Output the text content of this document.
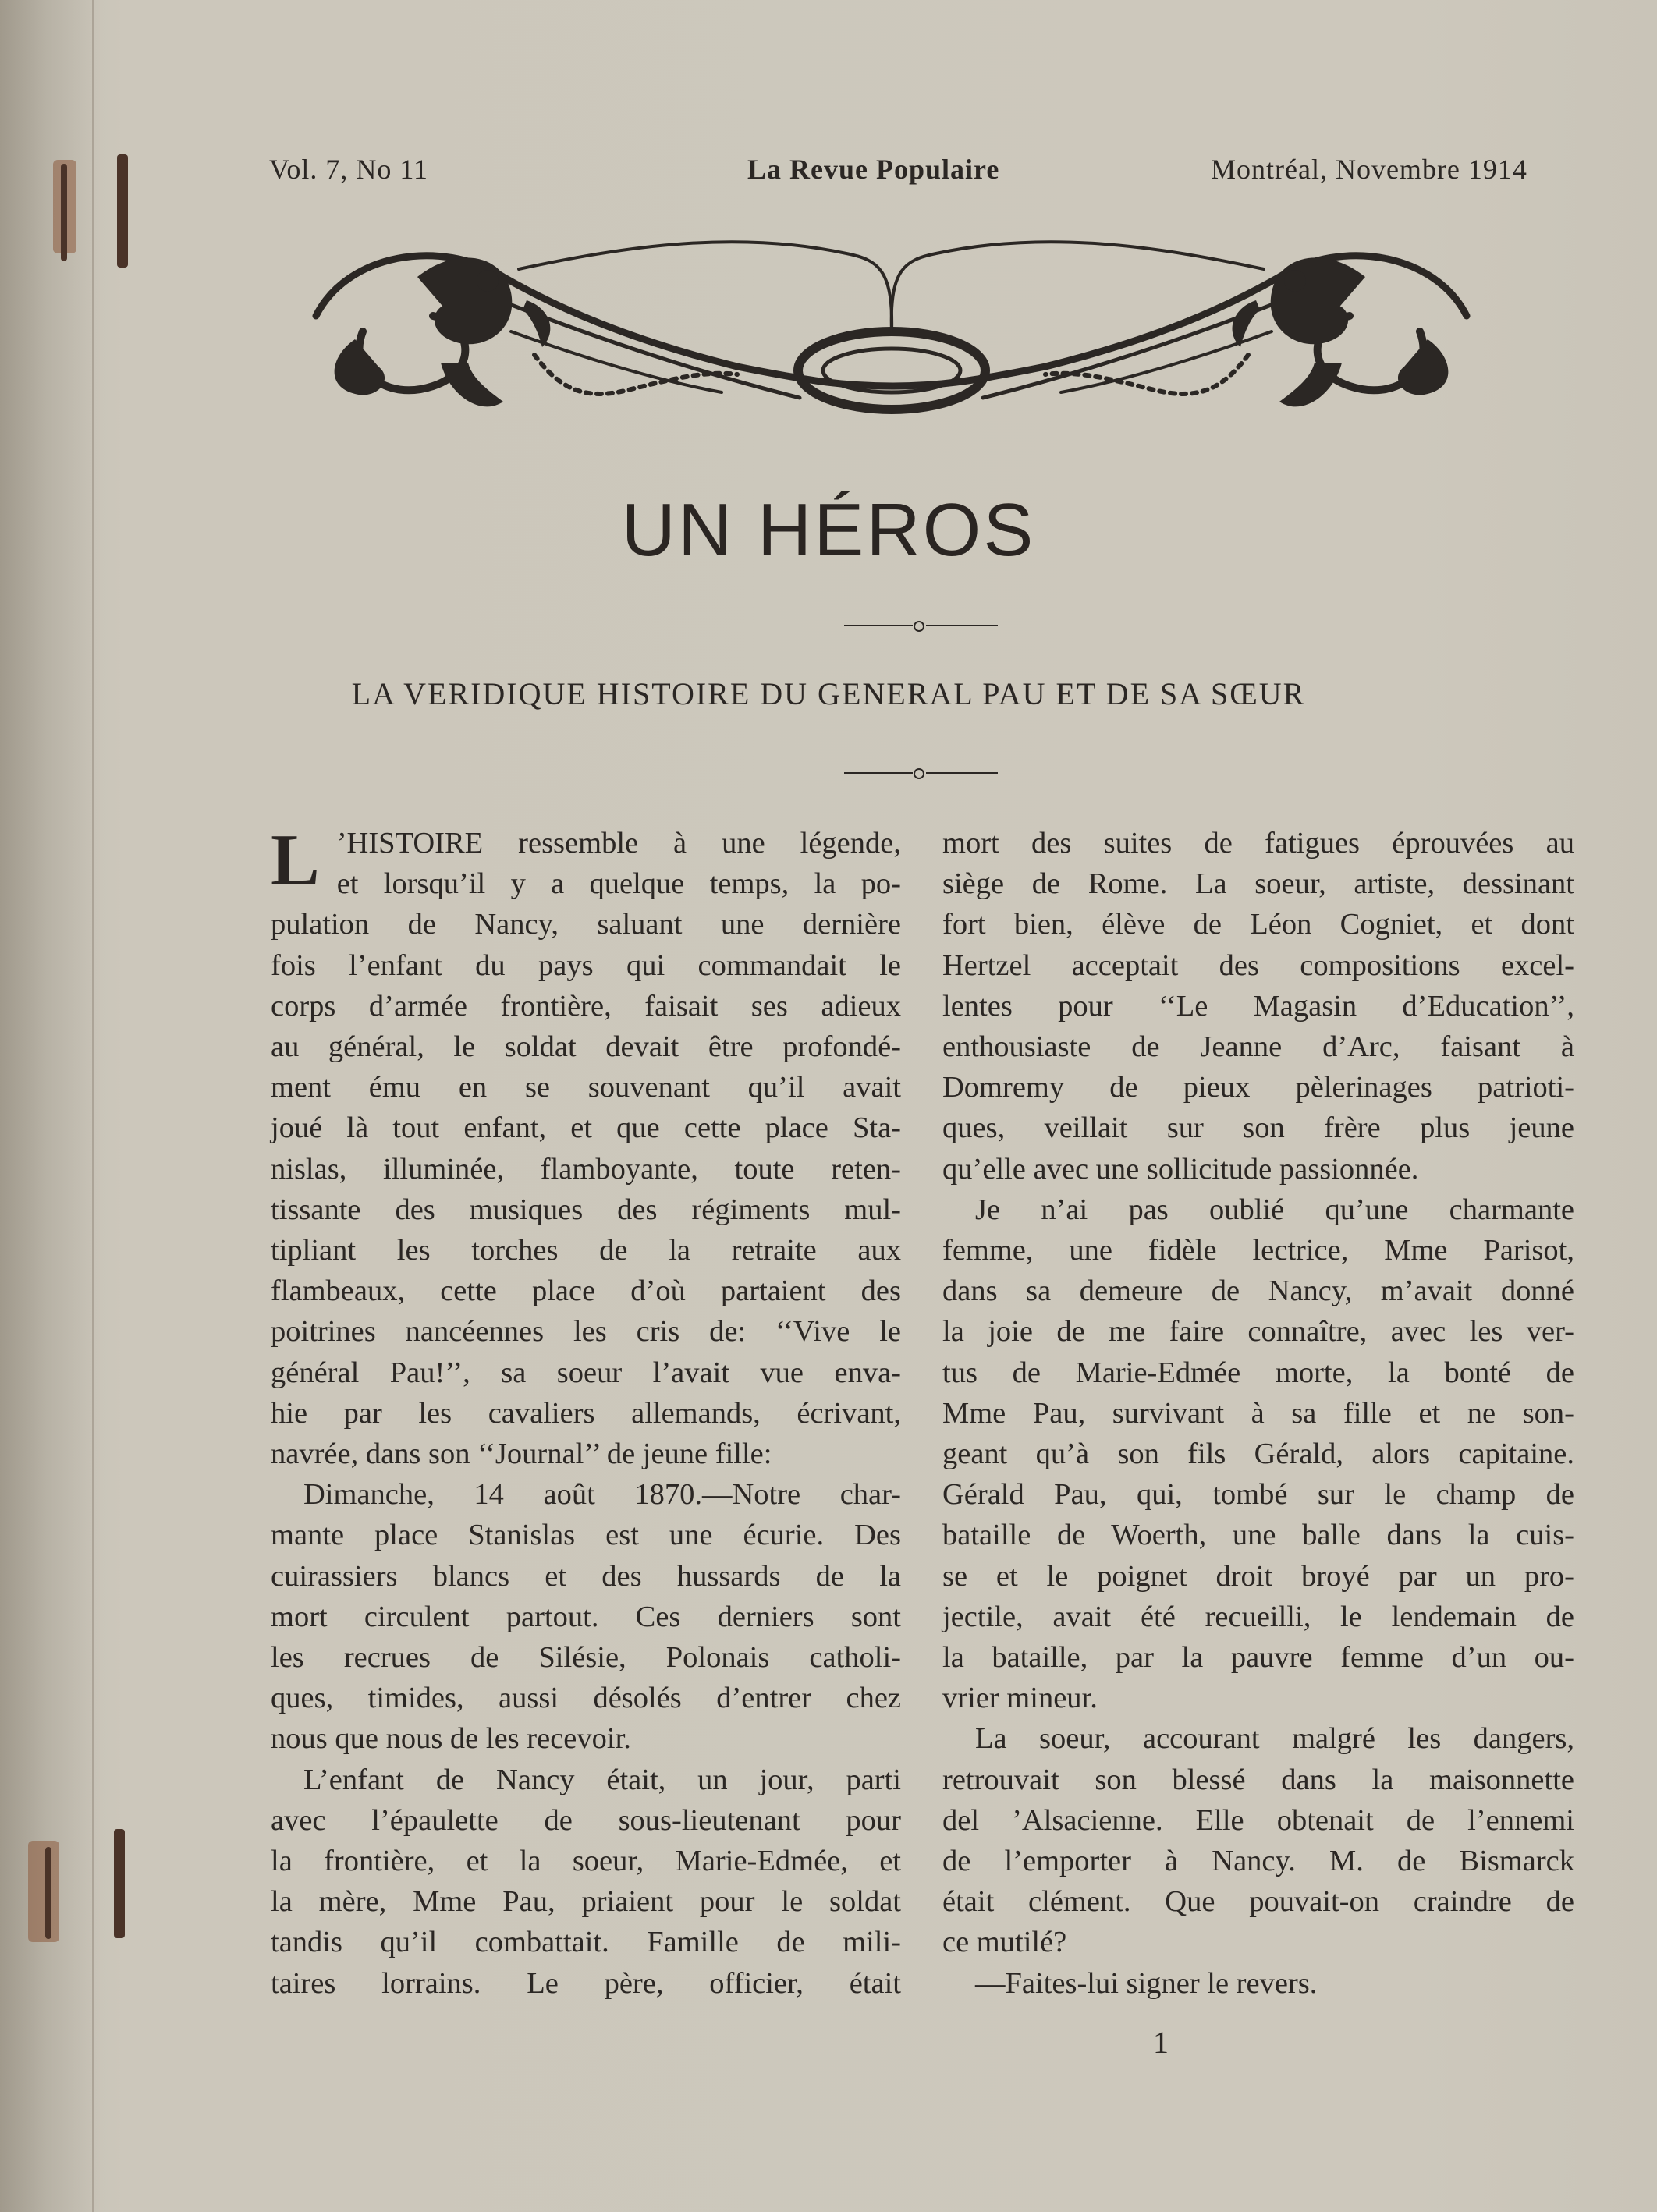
Vol. 7, No 11	La Revue Populaire	Montréal, Novembre 1914
UN HÉROS
LA VERIDIQUE HISTOIRE DU GENERAL PAU ET DE SA SŒUR
L ’HISTOIRE ressemble à une légende,

et lorsqu’il y a quelque temps, la po-

pulation de Nancy, saluant une dernière

fois l’enfant du pays qui commandait le

corps d’armée frontière, faisait ses adieux

au général, le soldat devait être profondé-

ment ému en se souvenant qu’il avait

joué là tout enfant, et que cette place Sta-

nislas, illuminée, flamboyante, toute reten-

tissante des musiques des régiments mul-

tipliant les torches de la retraite aux

flambeaux, cette place d’où partaient des

poitrines nancéennes les cris de: ‘‘Vive le

général Pau!’’, sa soeur l’avait vue enva-

hie par les cavaliers allemands, écrivant,

navrée, dans son ‘‘Journal’’ de jeune fille:

Dimanche, 14 août 1870.—Notre char-

mante place Stanislas est une écurie. Des

cuirassiers blancs et des hussards de la

mort circulent partout. Ces derniers sont

les recrues de Silésie, Polonais catholi-

ques, timides, aussi désolés d’entrer chez

nous que nous de les recevoir.

L’enfant de Nancy était, un jour, parti

avec l’épaulette de sous-lieutenant pour

la frontière, et la soeur, Marie-Edmée, et

la mère, Mme Pau, priaient pour le soldat

tandis qu’il combattait. Famille de mili-

taires lorrains. Le père, officier, était

mort des suites de fatigues éprouvées au

siège de Rome. La soeur, artiste, dessinant

fort bien, élève de Léon Cogniet, et dont

Hertzel acceptait des compositions excel-

lentes pour ‘‘Le Magasin d’Education’’,

enthousiaste de Jeanne d’Arc, faisant à

Domremy de pieux pèlerinages patrioti-

ques, veillait sur son frère plus jeune

qu’elle avec une sollicitude passionnée.

Je n’ai pas oublié qu’une charmante

femme, une fidèle lectrice, Mme Parisot,

dans sa demeure de Nancy, m’avait donné

la joie de me faire connaître, avec les ver-

tus de Marie-Edmée morte, la bonté de

Mme Pau, survivant à sa fille et ne son-

geant qu’à son fils Gérald, alors capitaine.

Gérald Pau, qui, tombé sur le champ de

bataille de Woerth, une balle dans la cuis-

se et le poignet droit broyé par un pro-

jectile, avait été recueilli, le lendemain de

la bataille, par la pauvre femme d’un ou-

vrier mineur.

La soeur, accourant malgré les dangers,

retrouvait son blessé dans la maisonnette

del ’Alsacienne. Elle obtenait de l’ennemi

de l’emporter à Nancy. M. de Bismarck

était clément. Que pouvait-on craindre de

ce mutilé?

—Faites-lui signer le revers.

1
